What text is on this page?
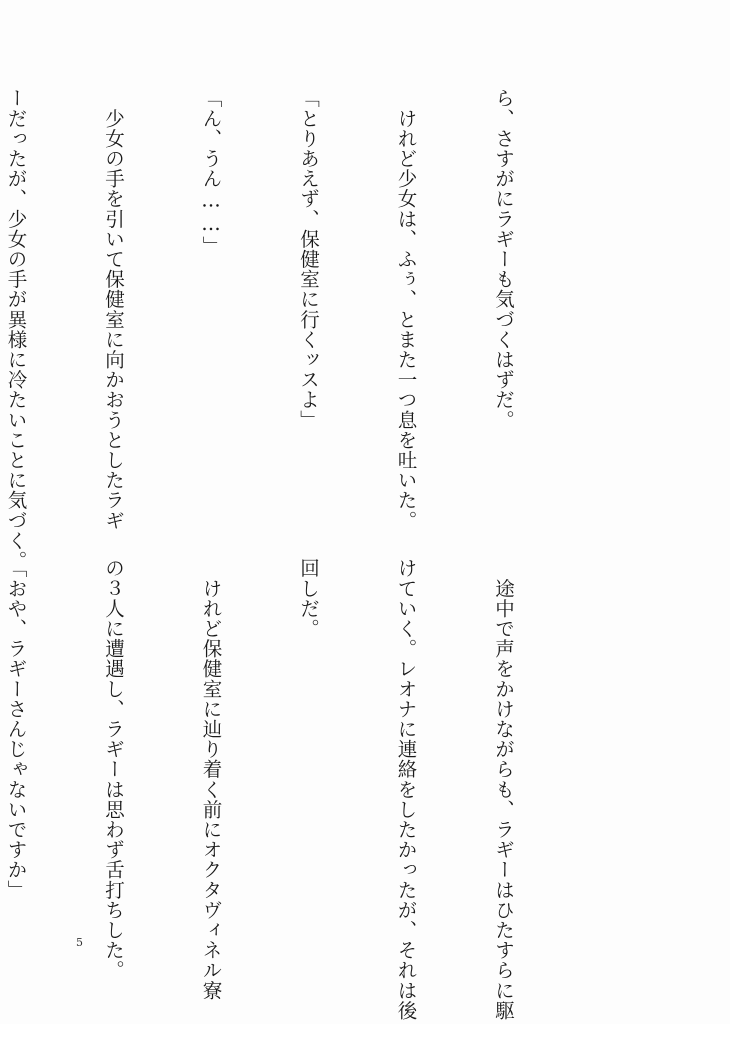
ら、さすがにラギーも気づくはずだ。

　けれど少女は、ふぅ、とまた一つ息を吐いた。

「とりあえず、保健室に行くッスよ」

「ん、うん……」

　少女の手を引いて保健室に向かおうとしたラギ

ーだったが、少女の手が異様に冷たいことに気づく。

　途中で声をかけながらも、ラギーはひたすらに駆

けていく。レオナに連絡をしたかったが、それは後

回しだ。

　けれど保健室に辿り着く前にオクタヴィネル寮

の３人に遭遇し、ラギーは思わず舌打ちした。

「おや、ラギーさんじゃないですか」

5
